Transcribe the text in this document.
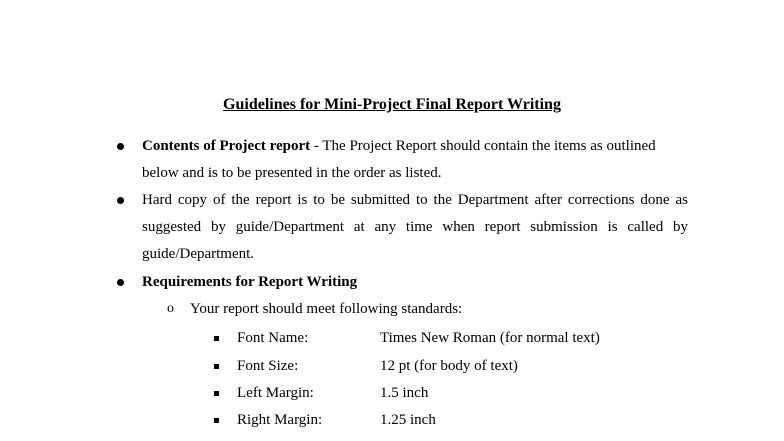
Guidelines for Mini-Project Final Report Writing
Contents of Project report - The Project Report should contain the items as outlined
below and is to be presented in the order as listed.
Hard copy of the report is to be submitted to the Department after corrections done as
suggested by guide/Department at any time when report submission is called by
guide/Department.
Requirements for Report Writing
o Your report should meet following standards:
Font Name:	Times New Roman (for normal text)
Font Size:	12 pt (for body of text)
Left Margin:	1.5 inch
Right Margin:	1.25 inch
